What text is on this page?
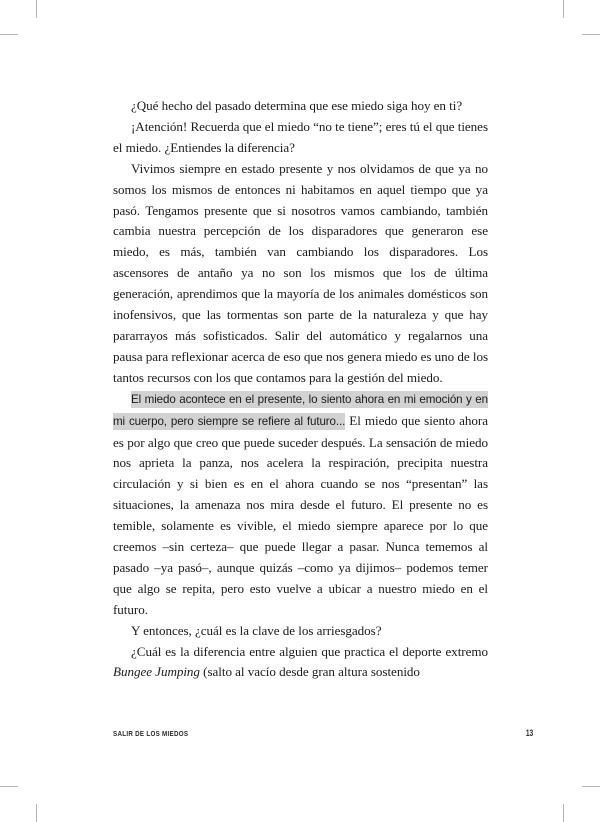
¿Qué hecho del pasado determina que ese miedo siga hoy en ti?

¡Atención! Recuerda que el miedo “no te tiene”; eres tú el que tienes el miedo. ¿Entiendes la diferencia?

Vivimos siempre en estado presente y nos olvidamos de que ya no somos los mismos de entonces ni habitamos en aquel tiempo que ya pasó. Tengamos presente que si nosotros vamos cambiando, también cambia nuestra percepción de los disparadores que generaron ese miedo, es más, también van cambiando los disparadores. Los ascensores de antaño ya no son los mismos que los de última generación, aprendimos que la mayoría de los animales domésticos son inofensivos, que las tormentas son parte de la naturaleza y que hay pararrayos más sofisticados. Salir del automático y regalarnos una pausa para reflexionar acerca de eso que nos genera miedo es uno de los tantos recursos con los que contamos para la gestión del miedo.

El miedo acontece en el presente, lo siento ahora en mi emoción y en mi cuerpo, pero siempre se refiere al futuro... El miedo que siento ahora es por algo que creo que puede suceder después. La sensación de miedo nos aprieta la panza, nos acelera la respiración, precipita nuestra circulación y si bien es en el ahora cuando se nos “presentan” las situaciones, la amenaza nos mira desde el futuro. El presente no es temible, solamente es vivible, el miedo siempre aparece por lo que creemos –sin certeza– que puede llegar a pasar. Nunca tememos al pasado –ya pasó–, aunque quizás –como ya dijimos– podemos temer que algo se repita, pero esto vuelve a ubicar a nuestro miedo en el futuro.

Y entonces, ¿cuál es la clave de los arriesgados?

¿Cuál es la diferencia entre alguien que practica el deporte extremo Bungee Jumping (salto al vacío desde gran altura sostenido

SALIR DE LOS MIEDOS	13
